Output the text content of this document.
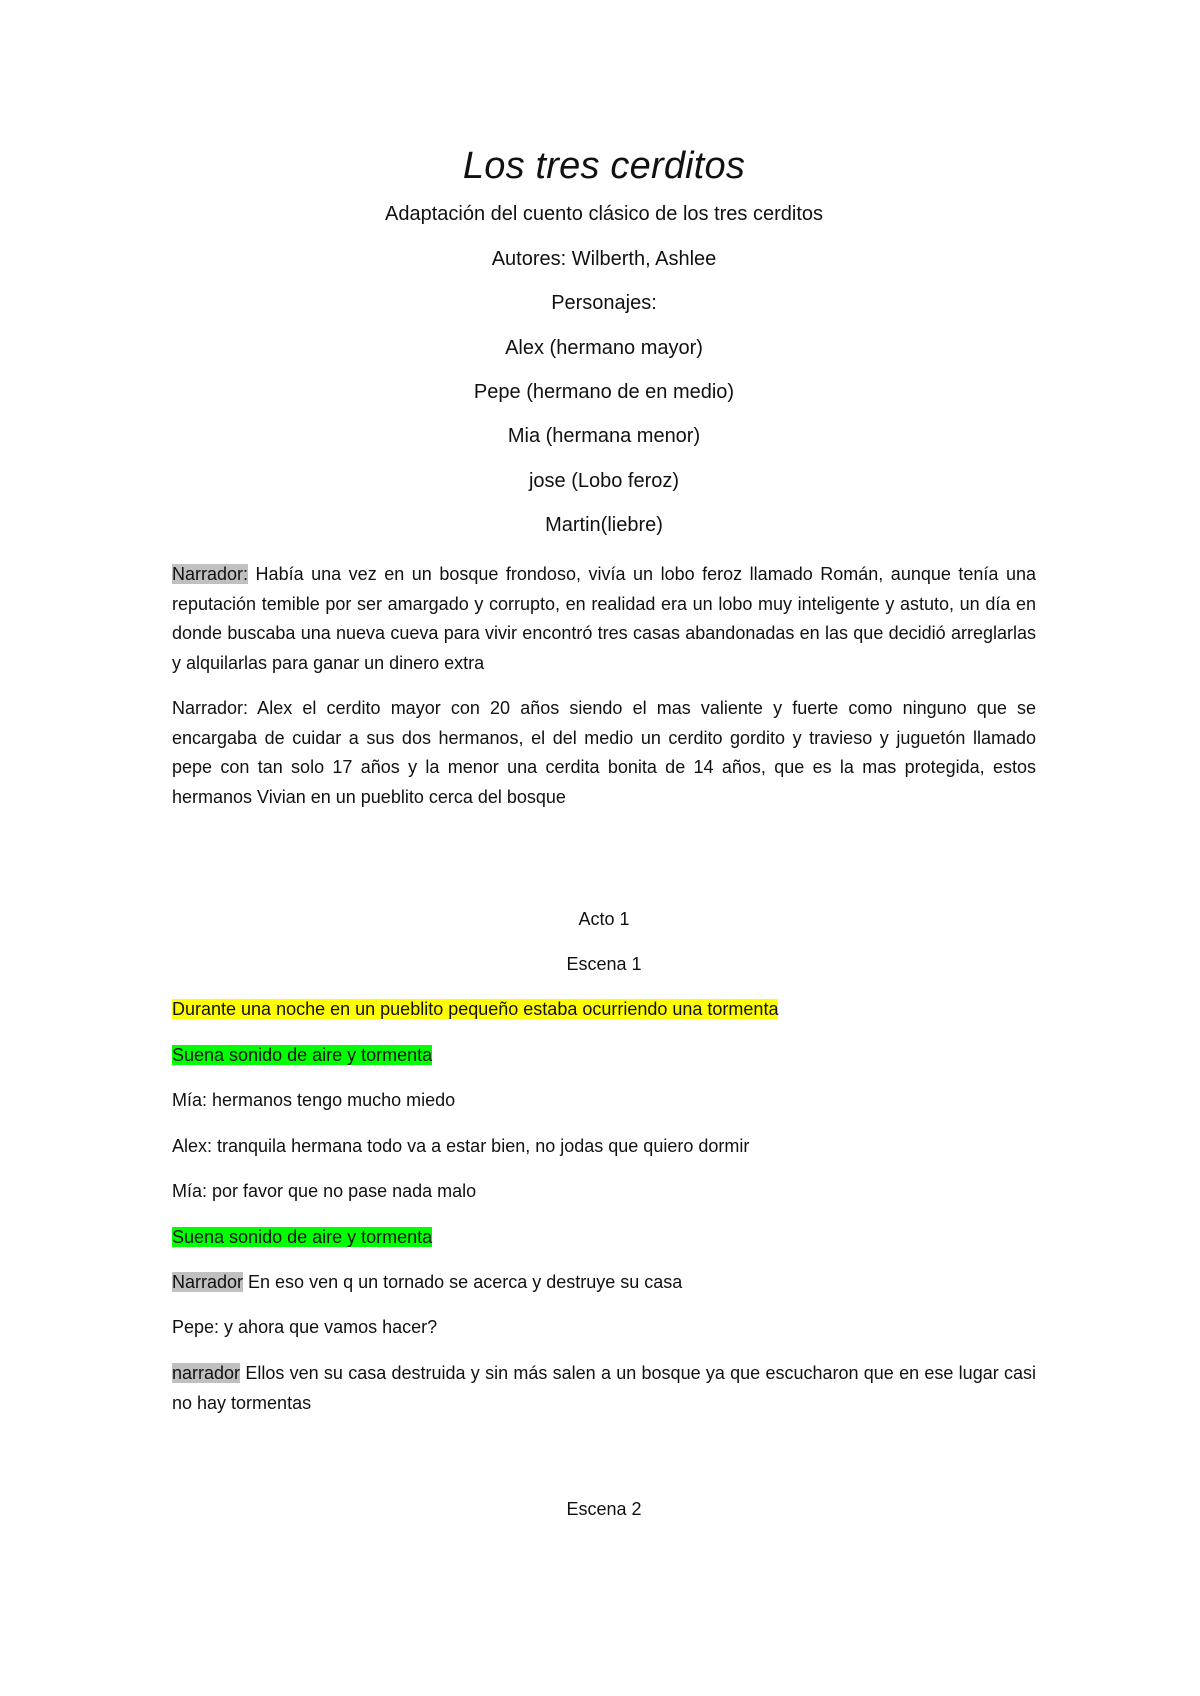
Los tres cerditos

Adaptación del cuento clásico de los tres cerditos

Autores: Wilberth, Ashlee

Personajes:

Alex (hermano mayor)

Pepe (hermano de en medio)

Mia (hermana menor)

jose (Lobo feroz)

Martin(liebre)

Narrador: Había una vez en un bosque frondoso, vivía un lobo feroz llamado Román, aunque tenía una reputación temible por ser amargado y corrupto, en realidad era un lobo muy inteligente y astuto, un día en donde buscaba una nueva cueva para vivir encontró tres casas abandonadas en las que decidió arreglarlas y alquilarlas para ganar un dinero extra

Narrador: Alex el cerdito mayor con 20 años siendo el mas valiente y fuerte como ninguno que se encargaba de cuidar a sus dos hermanos, el del medio un cerdito gordito y travieso y juguetón llamado pepe con tan solo 17 años y la menor una cerdita bonita de 14 años, que es la mas protegida, estos hermanos Vivian en un pueblito cerca del bosque

Acto 1

Escena 1

Durante una noche en un pueblito pequeño estaba ocurriendo una tormenta

Suena sonido de aire y tormenta

Mía: hermanos tengo mucho miedo

Alex: tranquila hermana todo va a estar bien, no jodas que quiero dormir

Mía: por favor que no pase nada malo

Suena sonido de aire y tormenta

Narrador En eso ven q un tornado se acerca y destruye su casa

Pepe: y ahora que vamos hacer?

narrador Ellos ven su casa destruida y sin más salen a un bosque ya que escucharon que en ese lugar casi no hay tormentas

Escena 2
